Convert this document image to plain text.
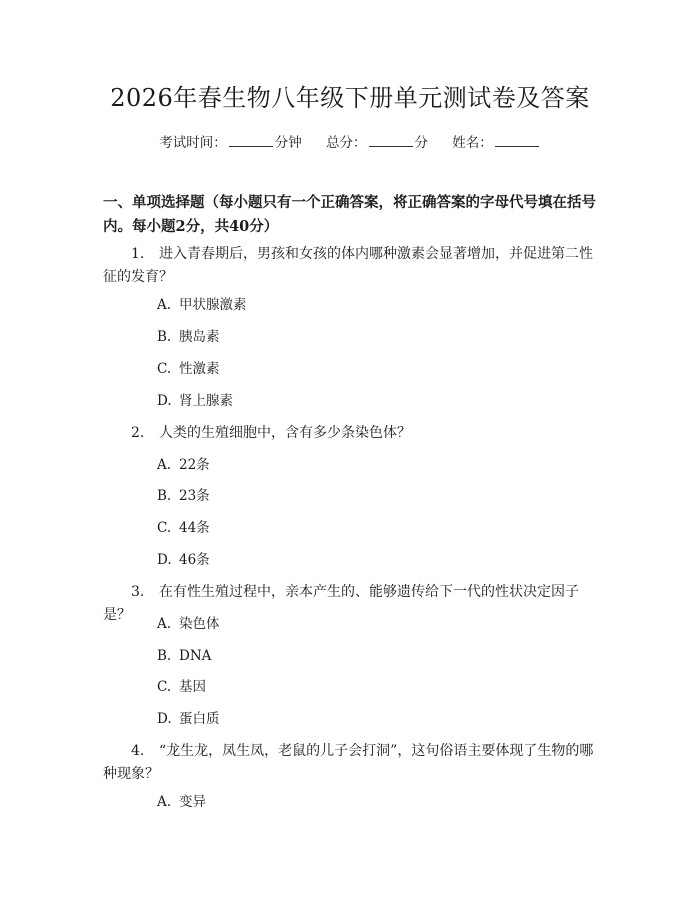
2026年春生物八年级下册单元测试卷及答案
考试时间：	分钟 总分：	分 姓名：
一、单项选择题（每小题只有一个正确答案，将正确答案的字母代号填在括号内。每小题2分，共40分）
1. 进入青春期后，男孩和女孩的体内哪种激素会显著增加，并促进第二性征的发育？
A. 甲状腺激素
B. 胰岛素
C. 性激素
D. 肾上腺素
2. 人类的生殖细胞中，含有多少条染色体？
A. 22条
B. 23条
C. 44条
D. 46条
3. 在有性生殖过程中，亲本产生的、能够遗传给下一代的性状决定因子是？
A. 染色体
B. DNA
C. 基因
D. 蛋白质
4. “龙生龙，凤生凤，老鼠的儿子会打洞”，这句俗语主要体现了生物的哪种现象？
A. 变异
